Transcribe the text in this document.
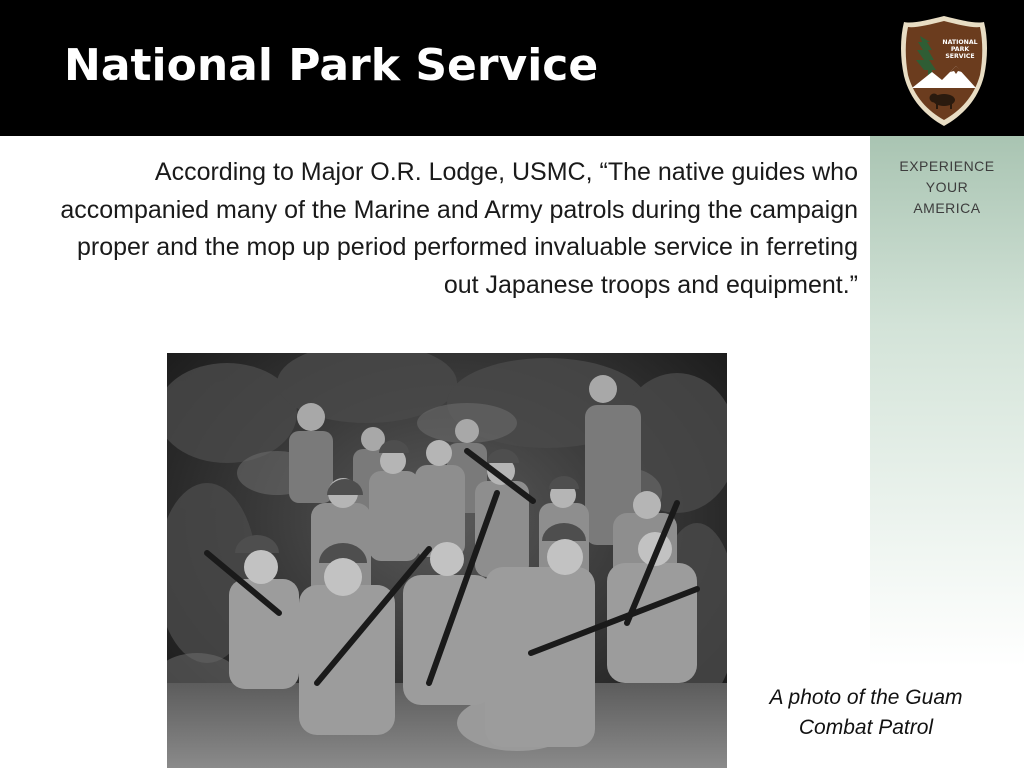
National Park Service	NATIONAL
PARK
SERVICE
EXPERIENCE
YOUR
AMERICA
According to Major O.R. Lodge, USMC, “The native guides who accompanied many of the Marine and Army patrols during the campaign proper and the mop up period performed invaluable service in ferreting out Japanese troops and equipment.”
A photo of the Guam
Combat Patrol
